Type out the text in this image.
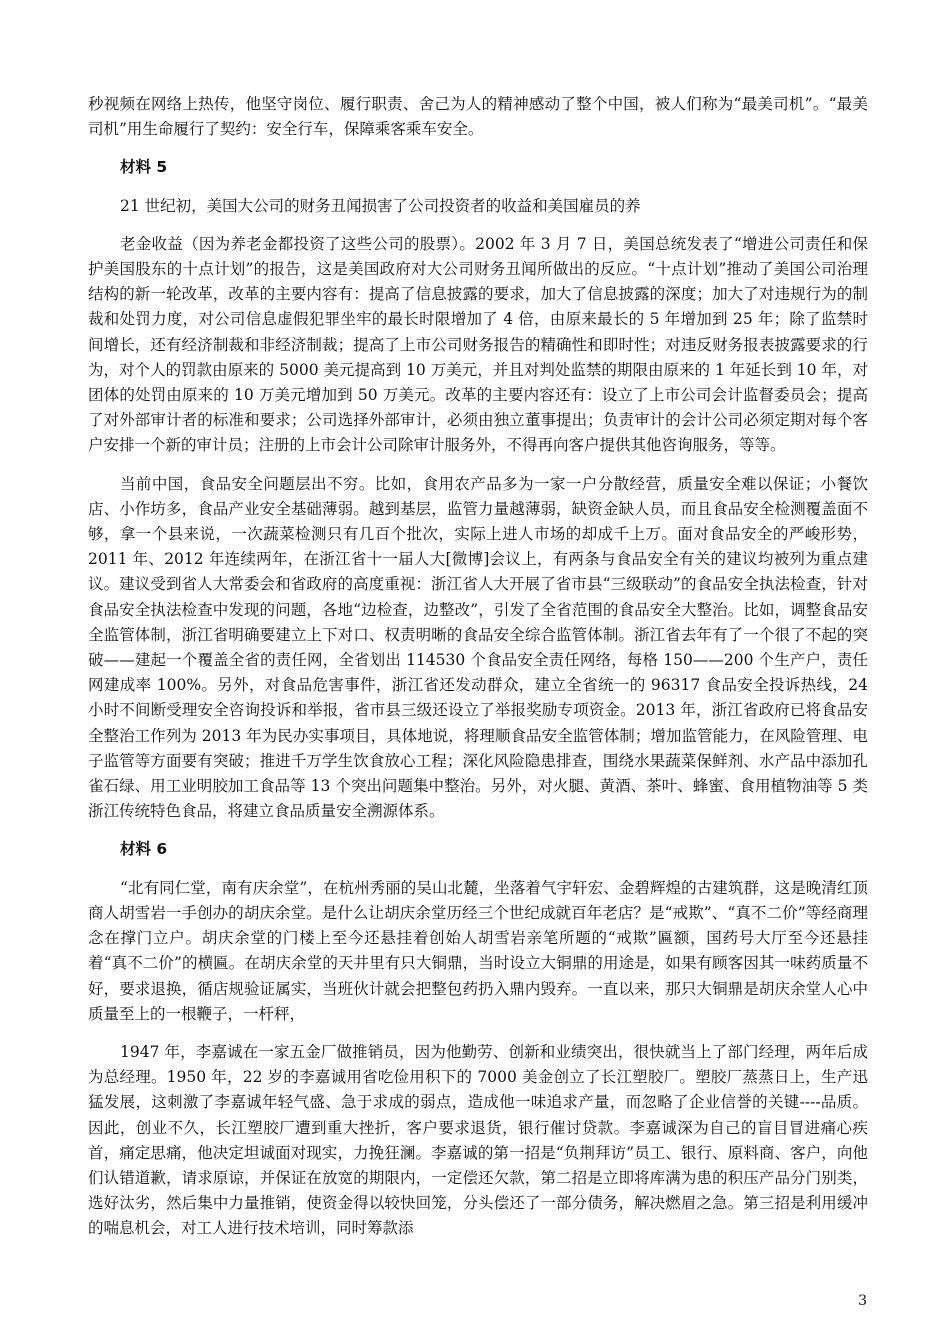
秒视频在网络上热传，他坚守岗位、履行职责、舍己为人的精神感动了整个中国，被人们称为“最美司机”。“最美司机”用生命履行了契约：安全行车，保障乘客乘车安全。

材料 5

21 世纪初，美国大公司的财务丑闻损害了公司投资者的收益和美国雇员的养

老金收益（因为养老金都投资了这些公司的股票）。2002 年 3 月 7 日，美国总统发表了“增进公司责任和保护美国股东的十点计划”的报告，这是美国政府对大公司财务丑闻所做出的反应。“十点计划”推动了美国公司治理结构的新一轮改革，改革的主要内容有：提高了信息披露的要求，加大了信息披露的深度；加大了对违规行为的制裁和处罚力度，对公司信息虚假犯罪坐牢的最长时限增加了 4 倍，由原来最长的 5 年增加到 25 年；除了监禁时间增长，还有经济制裁和非经济制裁；提高了上市公司财务报告的精确性和即时性；对违反财务报表披露要求的行为，对个人的罚款由原来的 5000 美元提高到 10 万美元，并且对判处监禁的期限由原来的 1 年延长到 10 年，对团体的处罚由原来的 10 万美元增加到 50 万美元。改革的主要内容还有：设立了上市公司会计监督委员会；提高了对外部审计者的标准和要求；公司选择外部审计，必须由独立董事提出；负责审计的会计公司必须定期对每个客户安排一个新的审计员；注册的上市会计公司除审计服务外，不得再向客户提供其他咨询服务，等等。

当前中国，食品安全问题层出不穷。比如，食用农产品多为一家一户分散经营，质量安全难以保证；小餐饮店、小作坊多，食品产业安全基础薄弱。越到基层，监管力量越薄弱，缺资金缺人员，而且食品安全检测覆盖面不够，拿一个县来说，一次蔬菜检测只有几百个批次，实际上进人市场的却成千上万。面对食品安全的严峻形势，2011 年、2012 年连续两年，在浙江省十一届人大[微博]会议上，有两条与食品安全有关的建议均被列为重点建议。建议受到省人大常委会和省政府的高度重视：浙江省人大开展了省市县“三级联动”的食品安全执法检查，针对食品安全执法检查中发现的问题，各地“边检查，边整改”，引发了全省范围的食品安全大整治。比如，调整食品安全监管体制，浙江省明确要建立上下对口、权责明晰的食品安全综合监管体制。浙江省去年有了一个很了不起的突破——建起一个覆盖全省的责任网，全省划出 114530 个食品安全责任网络，每格 150——200 个生产户，责任网建成率 100%。另外，对食品危害事件，浙江省还发动群众，建立全省统一的 96317 食品安全投诉热线，24 小时不间断受理安全咨询投诉和举报，省市县三级还设立了举报奖励专项资金。2013 年，浙江省政府已将食品安全整治工作列为 2013 年为民办实事项目，具体地说，将理顺食品安全监管体制；增加监管能力，在风险管理、电子监管等方面要有突破；推进千万学生饮食放心工程；深化风险隐患排查，围绕水果蔬菜保鲜剂、水产品中添加孔雀石绿、用工业明胶加工食品等 13 个突出问题集中整治。另外，对火腿、黄酒、茶叶、蜂蜜、食用植物油等 5 类浙江传统特色食品，将建立食品质量安全溯源体系。

材料 6

“北有同仁堂，南有庆余堂”，在杭州秀丽的吴山北麓，坐落着气宇轩宏、金碧辉煌的古建筑群，这是晚清红顶商人胡雪岩一手创办的胡庆余堂。是什么让胡庆余堂历经三个世纪成就百年老店？是“戒欺”、“真不二价”等经商理念在撑门立户。胡庆余堂的门楼上至今还悬挂着创始人胡雪岩亲笔所题的“戒欺”匾额，国药号大厅至今还悬挂着“真不二价”的横匾。在胡庆余堂的天井里有只大铜鼎，当时设立大铜鼎的用途是，如果有顾客因其一味药质量不好，要求退换，循店规验证属实，当班伙计就会把整包药扔入鼎内毁弃。一直以来，那只大铜鼎是胡庆余堂人心中质量至上的一根鞭子，一杆秤，

1947 年，李嘉诚在一家五金厂做推销员，因为他勤劳、创新和业绩突出，很快就当上了部门经理，两年后成为总经理。1950 年，22 岁的李嘉诚用省吃俭用积下的 7000 美金创立了长江塑胶厂。塑胶厂蒸蒸日上，生产迅猛发展，这刺激了李嘉诚年轻气盛、急于求成的弱点，造成他一味追求产量，而忽略了企业信誉的关键----品质。因此，创业不久，长江塑胶厂遭到重大挫折，客户要求退货，银行催讨贷款。李嘉诚深为自己的盲目冒进痛心疾首，痛定思痛，他决定坦诚面对现实，力挽狂澜。李嘉诚的第一招是“负荆拜访”员工、银行、原料商、客户，向他们认错道歉，请求原谅，并保证在放宽的期限内，一定偿还欠款，第二招是立即将库满为患的积压产品分门别类，选好汰劣，然后集中力量推销，使资金得以较快回笼，分头偿还了一部分债务，解决燃眉之急。第三招是利用缓冲的喘息机会，对工人进行技术培训，同时筹款添

3
